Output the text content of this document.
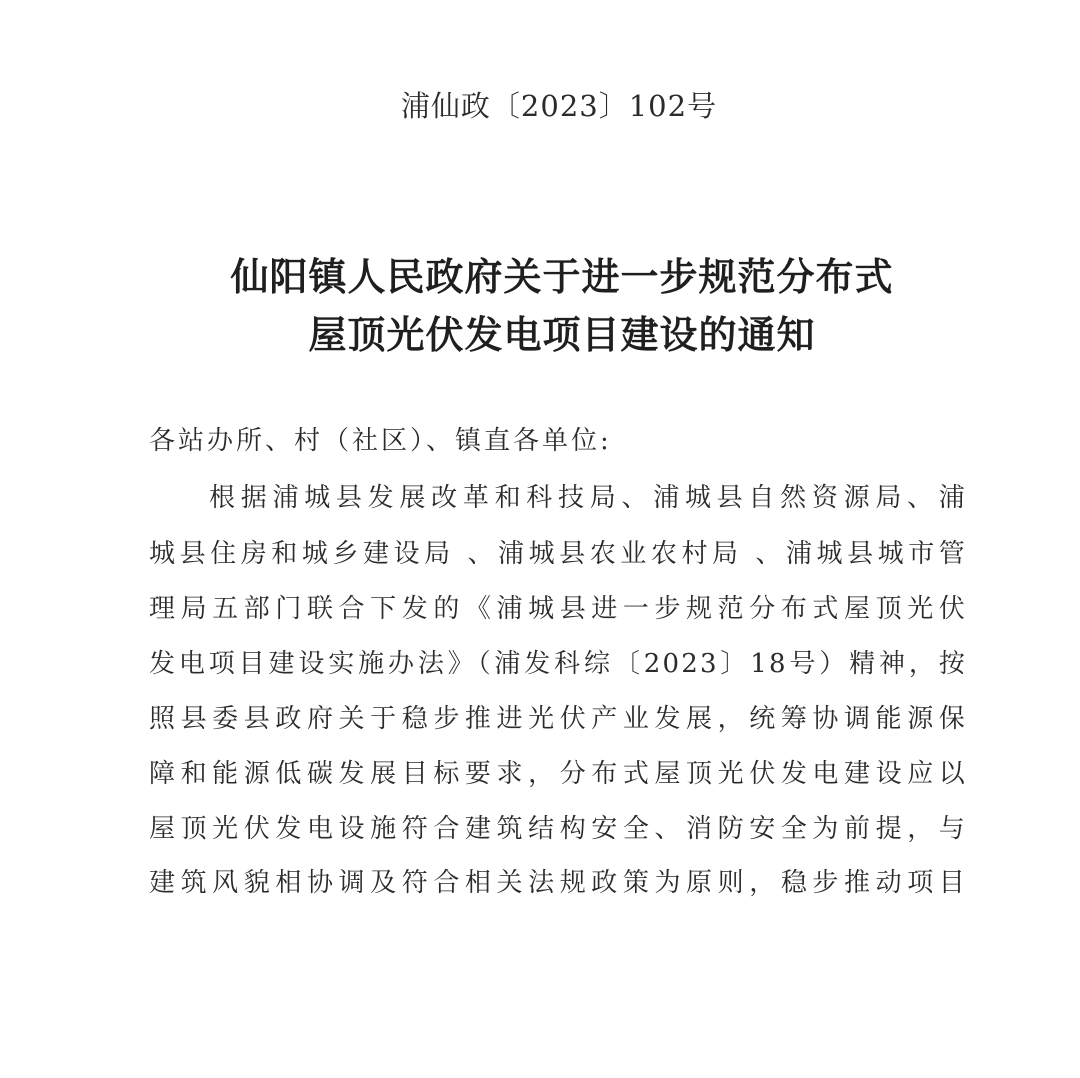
浦仙政〔2023〕102号
仙阳镇人民政府关于进一步规范分布式
屋顶光伏发电项目建设的通知
各站办所、村（社区）、镇直各单位:
根据浦城县发展改革和科技局、浦城县自然资源局、浦
城县住房和城乡建设局 、浦城县农业农村局 、浦城县城市管
理局五部门联合下发的《浦城县进一步规范分布式屋顶光伏
发电项目建设实施办法》（浦发科综〔2023〕18号）精神，按
照县委县政府关于稳步推进光伏产业发展，统筹协调能源保
障和能源低碳发展目标要求，分布式屋顶光伏发电建设应以
屋顶光伏发电设施符合建筑结构安全、消防安全为前提，与
建筑风貌相协调及符合相关法规政策为原则，稳步推动项目
